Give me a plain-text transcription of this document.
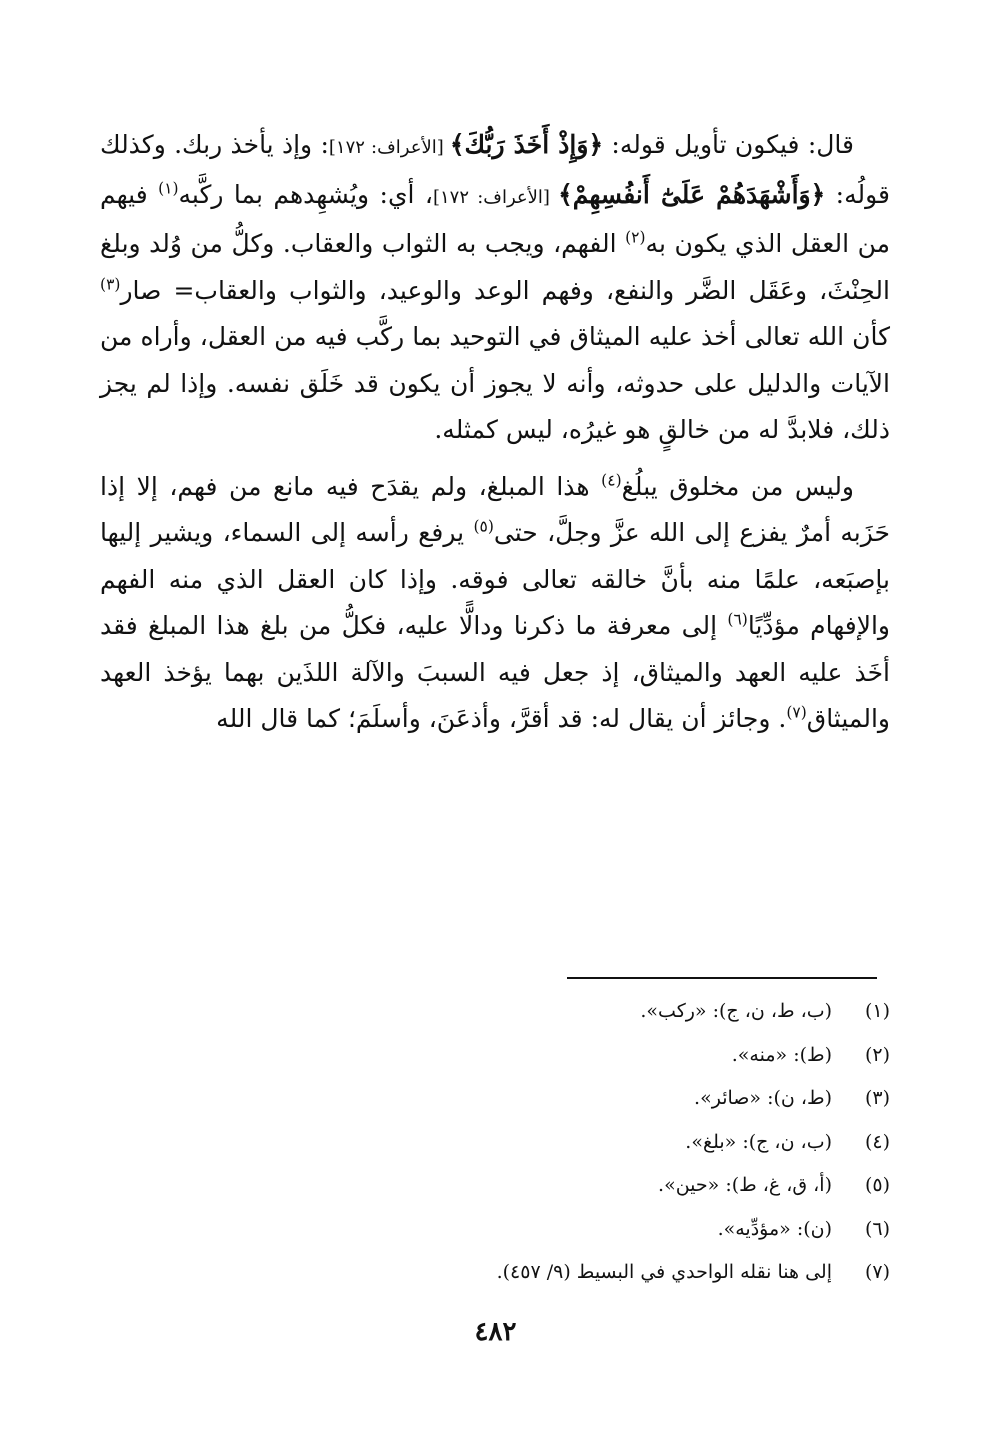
قال: فيكون تأويل قوله: ﴿وَإِذْ أَخَذَ رَبُّكَ﴾ [الأعراف: ١٧٢]: وإذ يأخذ ربك. وكذلك قولُه: ﴿وَأَشْهَدَهُمْ عَلَىٰٓ أَنفُسِهِمْ﴾ [الأعراف: ١٧٢]، أي: ويُشهِدهم بما ركَّبه$^{(١)}$ فيهم من العقل الذي يكون به$^{(٢)}$ الفهم، ويجب به الثواب والعقاب. وكلُّ من وُلد وبلغ الحِنْثَ، وعَقَل الضَّر والنفع، وفهم الوعد والوعيد، والثواب والعقاب= صار$^{(٣)}$ كأن الله تعالى أخذ عليه الميثاق في التوحيد بما ركَّب فيه من العقل، وأراه من الآيات والدليل على حدوثه، وأنه لا يجوز أن يكون قد خَلَق نفسه. وإذا لم يجز ذلك، فلابدَّ له من خالقٍ هو غيرُه، ليس كمثله.

وليس من مخلوق يبلُغ$^{(٤)}$ هذا المبلغ، ولم يقدَح فيه مانع من فهم، إلا إذا حَزَبه أمرٌ يفزع إلى الله عزَّ وجلَّ، حتى$^{(٥)}$ يرفع رأسه إلى السماء، ويشير إليها بإصبَعه، علمًا منه بأنَّ خالقه تعالى فوقه. وإذا كان العقل الذي منه الفهم والإفهام مؤدِّيًا$^{(٦)}$ إلى معرفة ما ذكرنا ودالًّا عليه، فكلُّ من بلغ هذا المبلغ فقد أخَذ عليه العهد والميثاق، إذ جعل فيه السببَ والآلة اللذَين بهما يؤخذ العهد والميثاق$^{(٧)}$. وجائز أن يقال له: قد أقرَّ، وأذعَنَ، وأسلَمَ؛ كما قال الله

(١)
(ب، ط، ن، ج): «ركب».
(٢)
(ط): «منه».
(٣)
(ط، ن): «صائر».
(٤)
(ب، ن، ج): «بلغ».
(٥)
(أ، ق، غ، ط): «حين».
(٦)
(ن): «مؤدِّيه».
(٧)
إلى هنا نقله الواحدي في البسيط (٩/ ٤٥٧).
٤٨٢
